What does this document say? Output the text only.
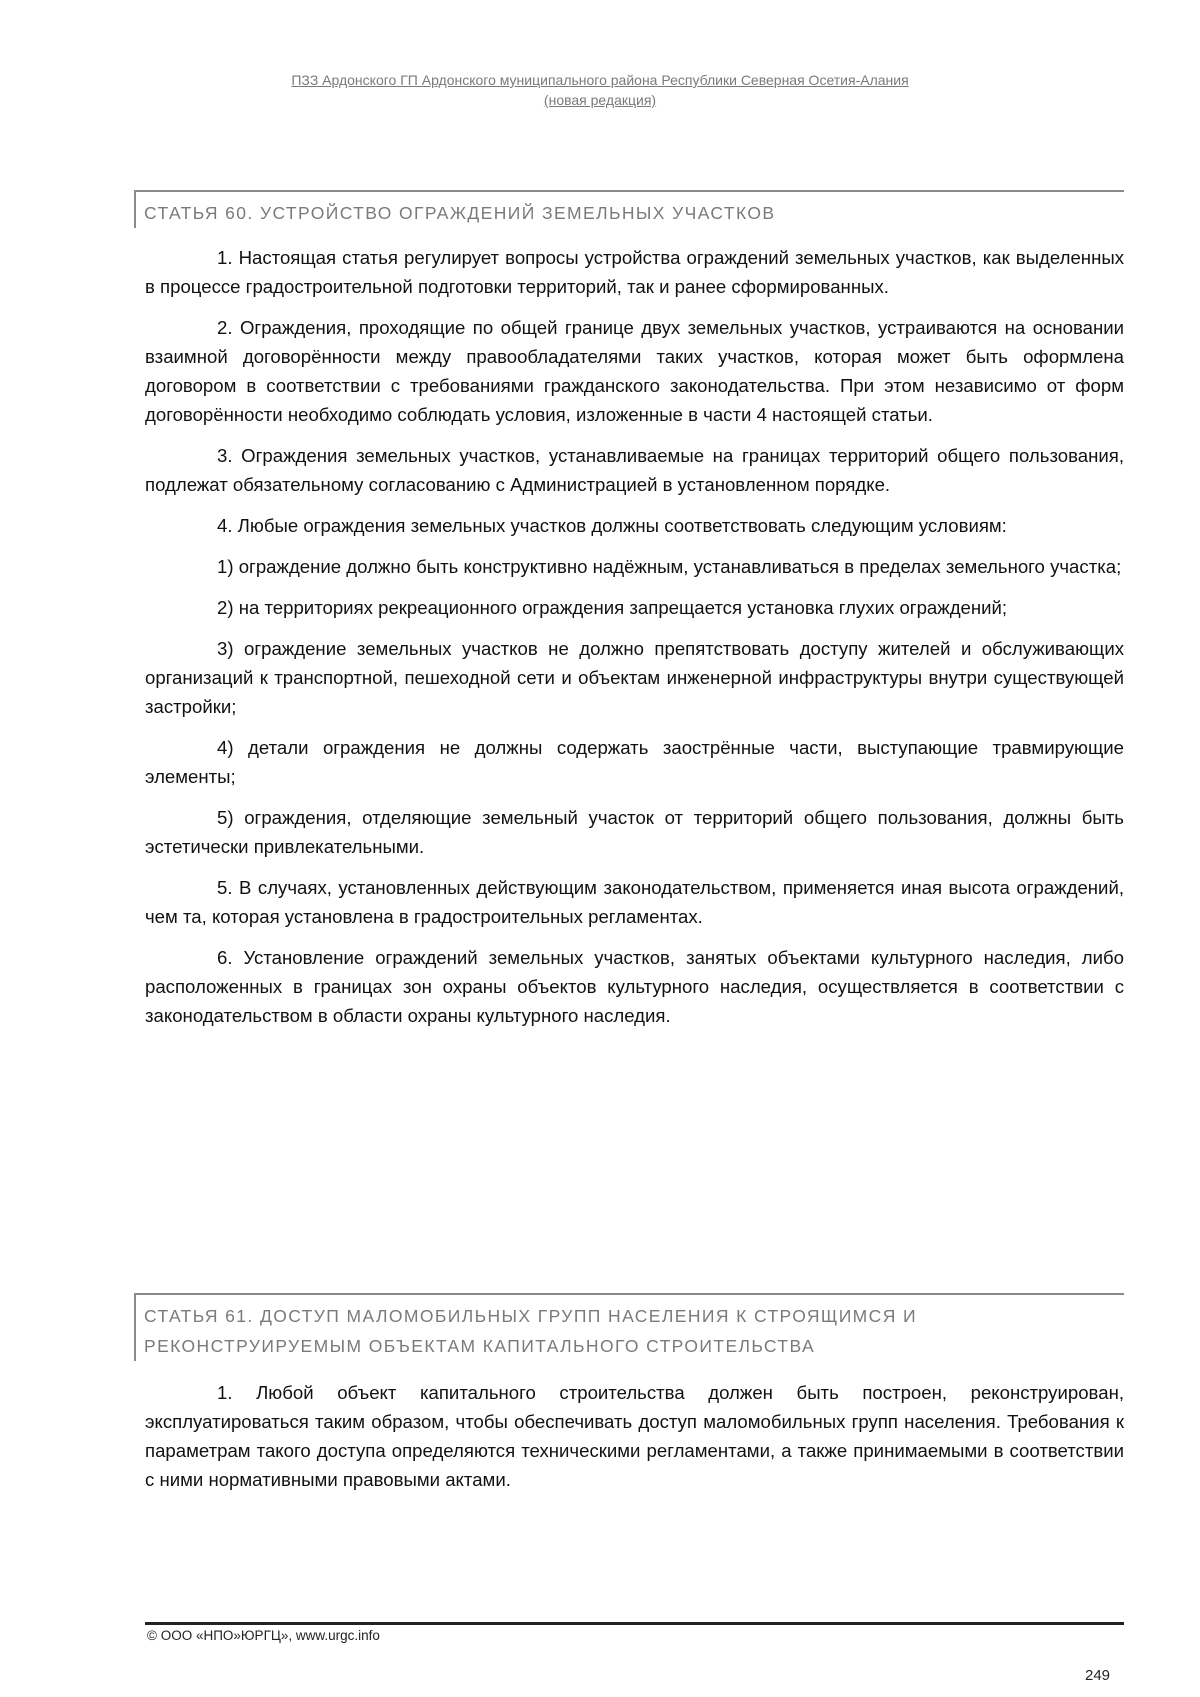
ПЗЗ Ардонского ГП Ардонского муниципального района Республики Северная Осетия-Алания
(новая редакция)
СТАТЬЯ 60. УСТРОЙСТВО ОГРАЖДЕНИЙ ЗЕМЕЛЬНЫХ УЧАСТКОВ

1. Настоящая статья регулирует вопросы устройства ограждений земельных участков, как выделенных в процессе градостроительной подготовки территорий, так и ранее сформированных.

2. Ограждения, проходящие по общей границе двух земельных участков, устраиваются на основании взаимной договорённости между правообладателями таких участков, которая может быть оформлена договором в соответствии с требованиями гражданского законодательства. При этом независимо от форм договорённости необходимо соблюдать условия, изложенные в части 4 настоящей статьи.

3. Ограждения земельных участков, устанавливаемые на границах территорий общего пользования, подлежат обязательному согласованию с Администрацией в установленном порядке.

4. Любые ограждения земельных участков должны соответствовать следующим условиям:

1) ограждение должно быть конструктивно надёжным, устанавливаться в пределах земельного участка;

2) на территориях рекреационного ограждения запрещается установка глухих ограждений;

3) ограждение земельных участков не должно препятствовать доступу жителей и обслуживающих организаций к транспортной, пешеходной сети и объектам инженерной инфраструктуры внутри существующей застройки;

4) детали ограждения не должны содержать заострённые части, выступающие травмирующие элементы;

5) ограждения, отделяющие земельный участок от территорий общего пользования, должны быть эстетически привлекательными.

5. В случаях, установленных действующим законодательством, применяется иная высота ограждений, чем та, которая установлена в градостроительных регламентах.

6. Установление ограждений земельных участков, занятых объектами культурного наследия, либо расположенных в границах зон охраны объектов культурного наследия, осуществляется в соответствии с законодательством в области охраны культурного наследия.

СТАТЬЯ 61. ДОСТУП МАЛОМОБИЛЬНЫХ ГРУПП НАСЕЛЕНИЯ К СТРОЯЩИМСЯ И РЕКОНСТРУИРУЕМЫМ ОБЪЕКТАМ КАПИТАЛЬНОГО СТРОИТЕЛЬСТВА

1. Любой объект капитального строительства должен быть построен, реконструирован, эксплуатироваться таким образом, чтобы обеспечивать доступ маломобильных групп населения. Требования к параметрам такого доступа определяются техническими регламентами, а также принимаемыми в соответствии с ними нормативными правовыми актами.

© ООО «НПО»ЮРГЦ», www.urgc.info
249
